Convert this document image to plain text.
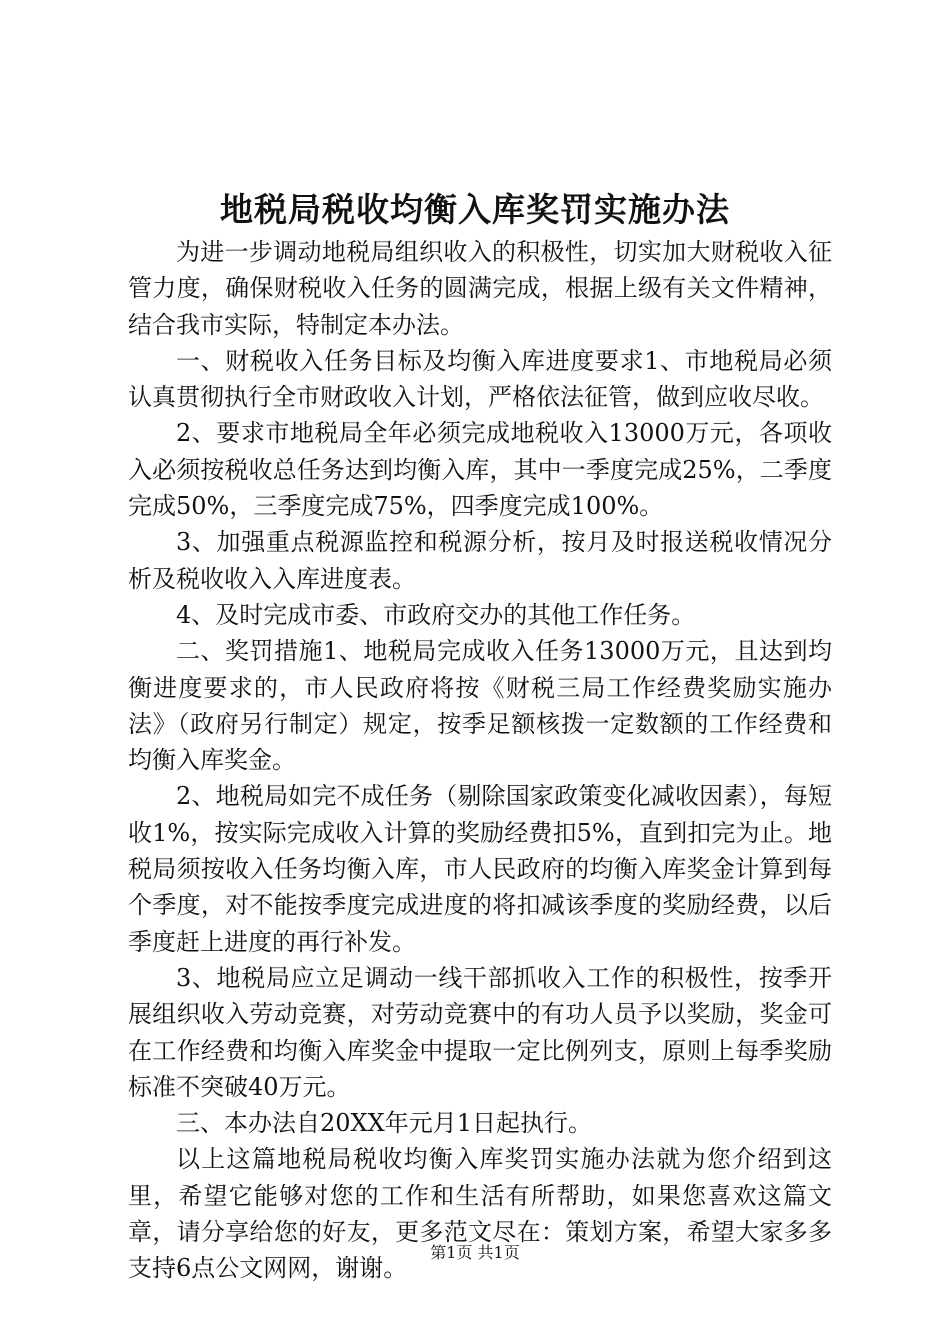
地税局税收均衡入库奖罚实施办法

为进一步调动地税局组织收入的积极性，切实加大财税收入征管力度，确保财税收入任务的圆满完成，根据上级有关文件精神，结合我市实际，特制定本办法。

一、财税收入任务目标及均衡入库进度要求1、市地税局必须认真贯彻执行全市财政收入计划，严格依法征管，做到应收尽收。

2、要求市地税局全年必须完成地税收入13000万元，各项收入必须按税收总任务达到均衡入库，其中一季度完成25%，二季度完成50%，三季度完成75%，四季度完成100%。

3、加强重点税源监控和税源分析，按月及时报送税收情况分析及税收收入入库进度表。

4、及时完成市委、市政府交办的其他工作任务。

二、奖罚措施1、地税局完成收入任务13000万元，且达到均衡进度要求的，市人民政府将按《财税三局工作经费奖励实施办法》（政府另行制定）规定，按季足额核拨一定数额的工作经费和均衡入库奖金。

2、地税局如完不成任务（剔除国家政策变化减收因素），每短收1%，按实际完成收入计算的奖励经费扣5%，直到扣完为止。地税局须按收入任务均衡入库，市人民政府的均衡入库奖金计算到每个季度，对不能按季度完成进度的将扣减该季度的奖励经费，以后季度赶上进度的再行补发。

3、地税局应立足调动一线干部抓收入工作的积极性，按季开展组织收入劳动竞赛，对劳动竞赛中的有功人员予以奖励，奖金可在工作经费和均衡入库奖金中提取一定比例列支，原则上每季奖励标准不突破40万元。

三、本办法自20XX年元月1日起执行。

以上这篇地税局税收均衡入库奖罚实施办法就为您介绍到这里，希望它能够对您的工作和生活有所帮助，如果您喜欢这篇文章，请分享给您的好友，更多范文尽在：策划方案，希望大家多多支持6点公文网网，谢谢。

第1页 共1页
